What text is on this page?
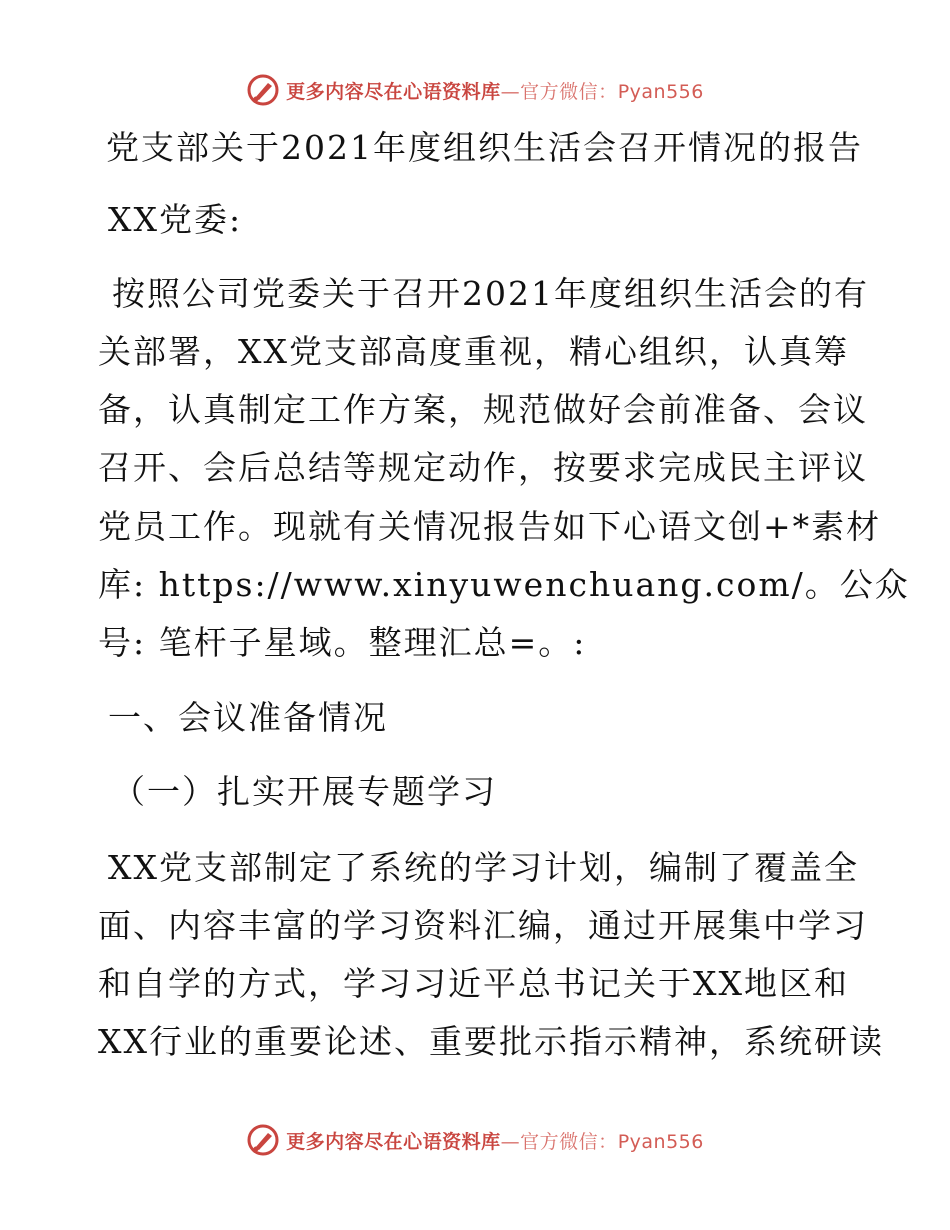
更多内容尽在心语资料库—官方微信：Pyan556
党支部关于2021年度组织生活会召开情况的报告
XX党委:
按照公司党委关于召开2021年度组织生活会的有
关部署，XX党支部高度重视，精心组织，认真筹
备，认真制定工作方案，规范做好会前准备、会议
召开、会后总结等规定动作，按要求完成民主评议
党员工作。现就有关情况报告如下心语文创+*素材
库: https://www.xinyuwenchuang.com/。公众
号: 笔杆子星域。整理汇总=。:
一、会议准备情况
（一）扎实开展专题学习
XX党支部制定了系统的学习计划，编制了覆盖全
面、内容丰富的学习资料汇编，通过开展集中学习
和自学的方式，学习习近平总书记关于XX地区和
XX行业的重要论述、重要批示指示精神，系统研读
更多内容尽在心语资料库—官方微信：Pyan556
